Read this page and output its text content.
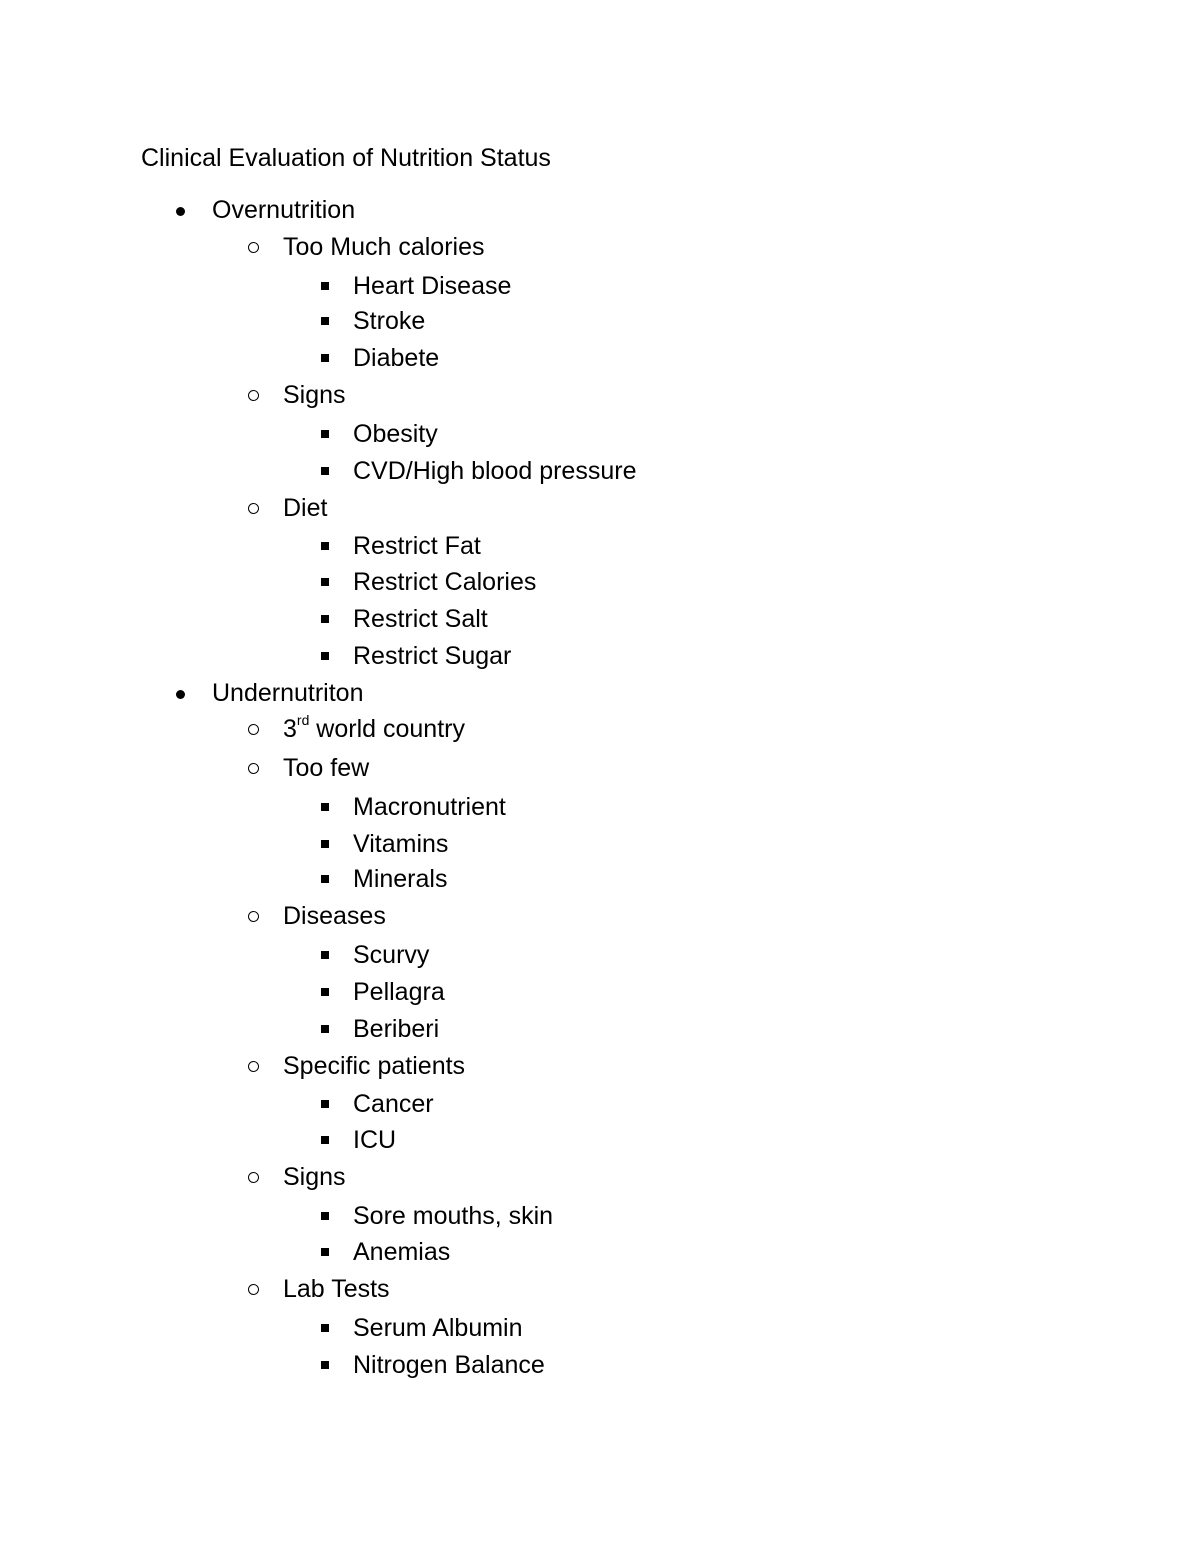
Clinical Evaluation of Nutrition Status
Overnutrition
Too Much calories
Heart Disease
Stroke
Diabete
Signs
Obesity
CVD/High blood pressure
Diet
Restrict Fat
Restrict Calories
Restrict Salt
Restrict Sugar
Undernutriton
3rd world country
Too few
Macronutrient
Vitamins
Minerals
Diseases
Scurvy
Pellagra
Beriberi
Specific patients
Cancer
ICU
Signs
Sore mouths, skin
Anemias
Lab Tests
Serum Albumin
Nitrogen Balance
